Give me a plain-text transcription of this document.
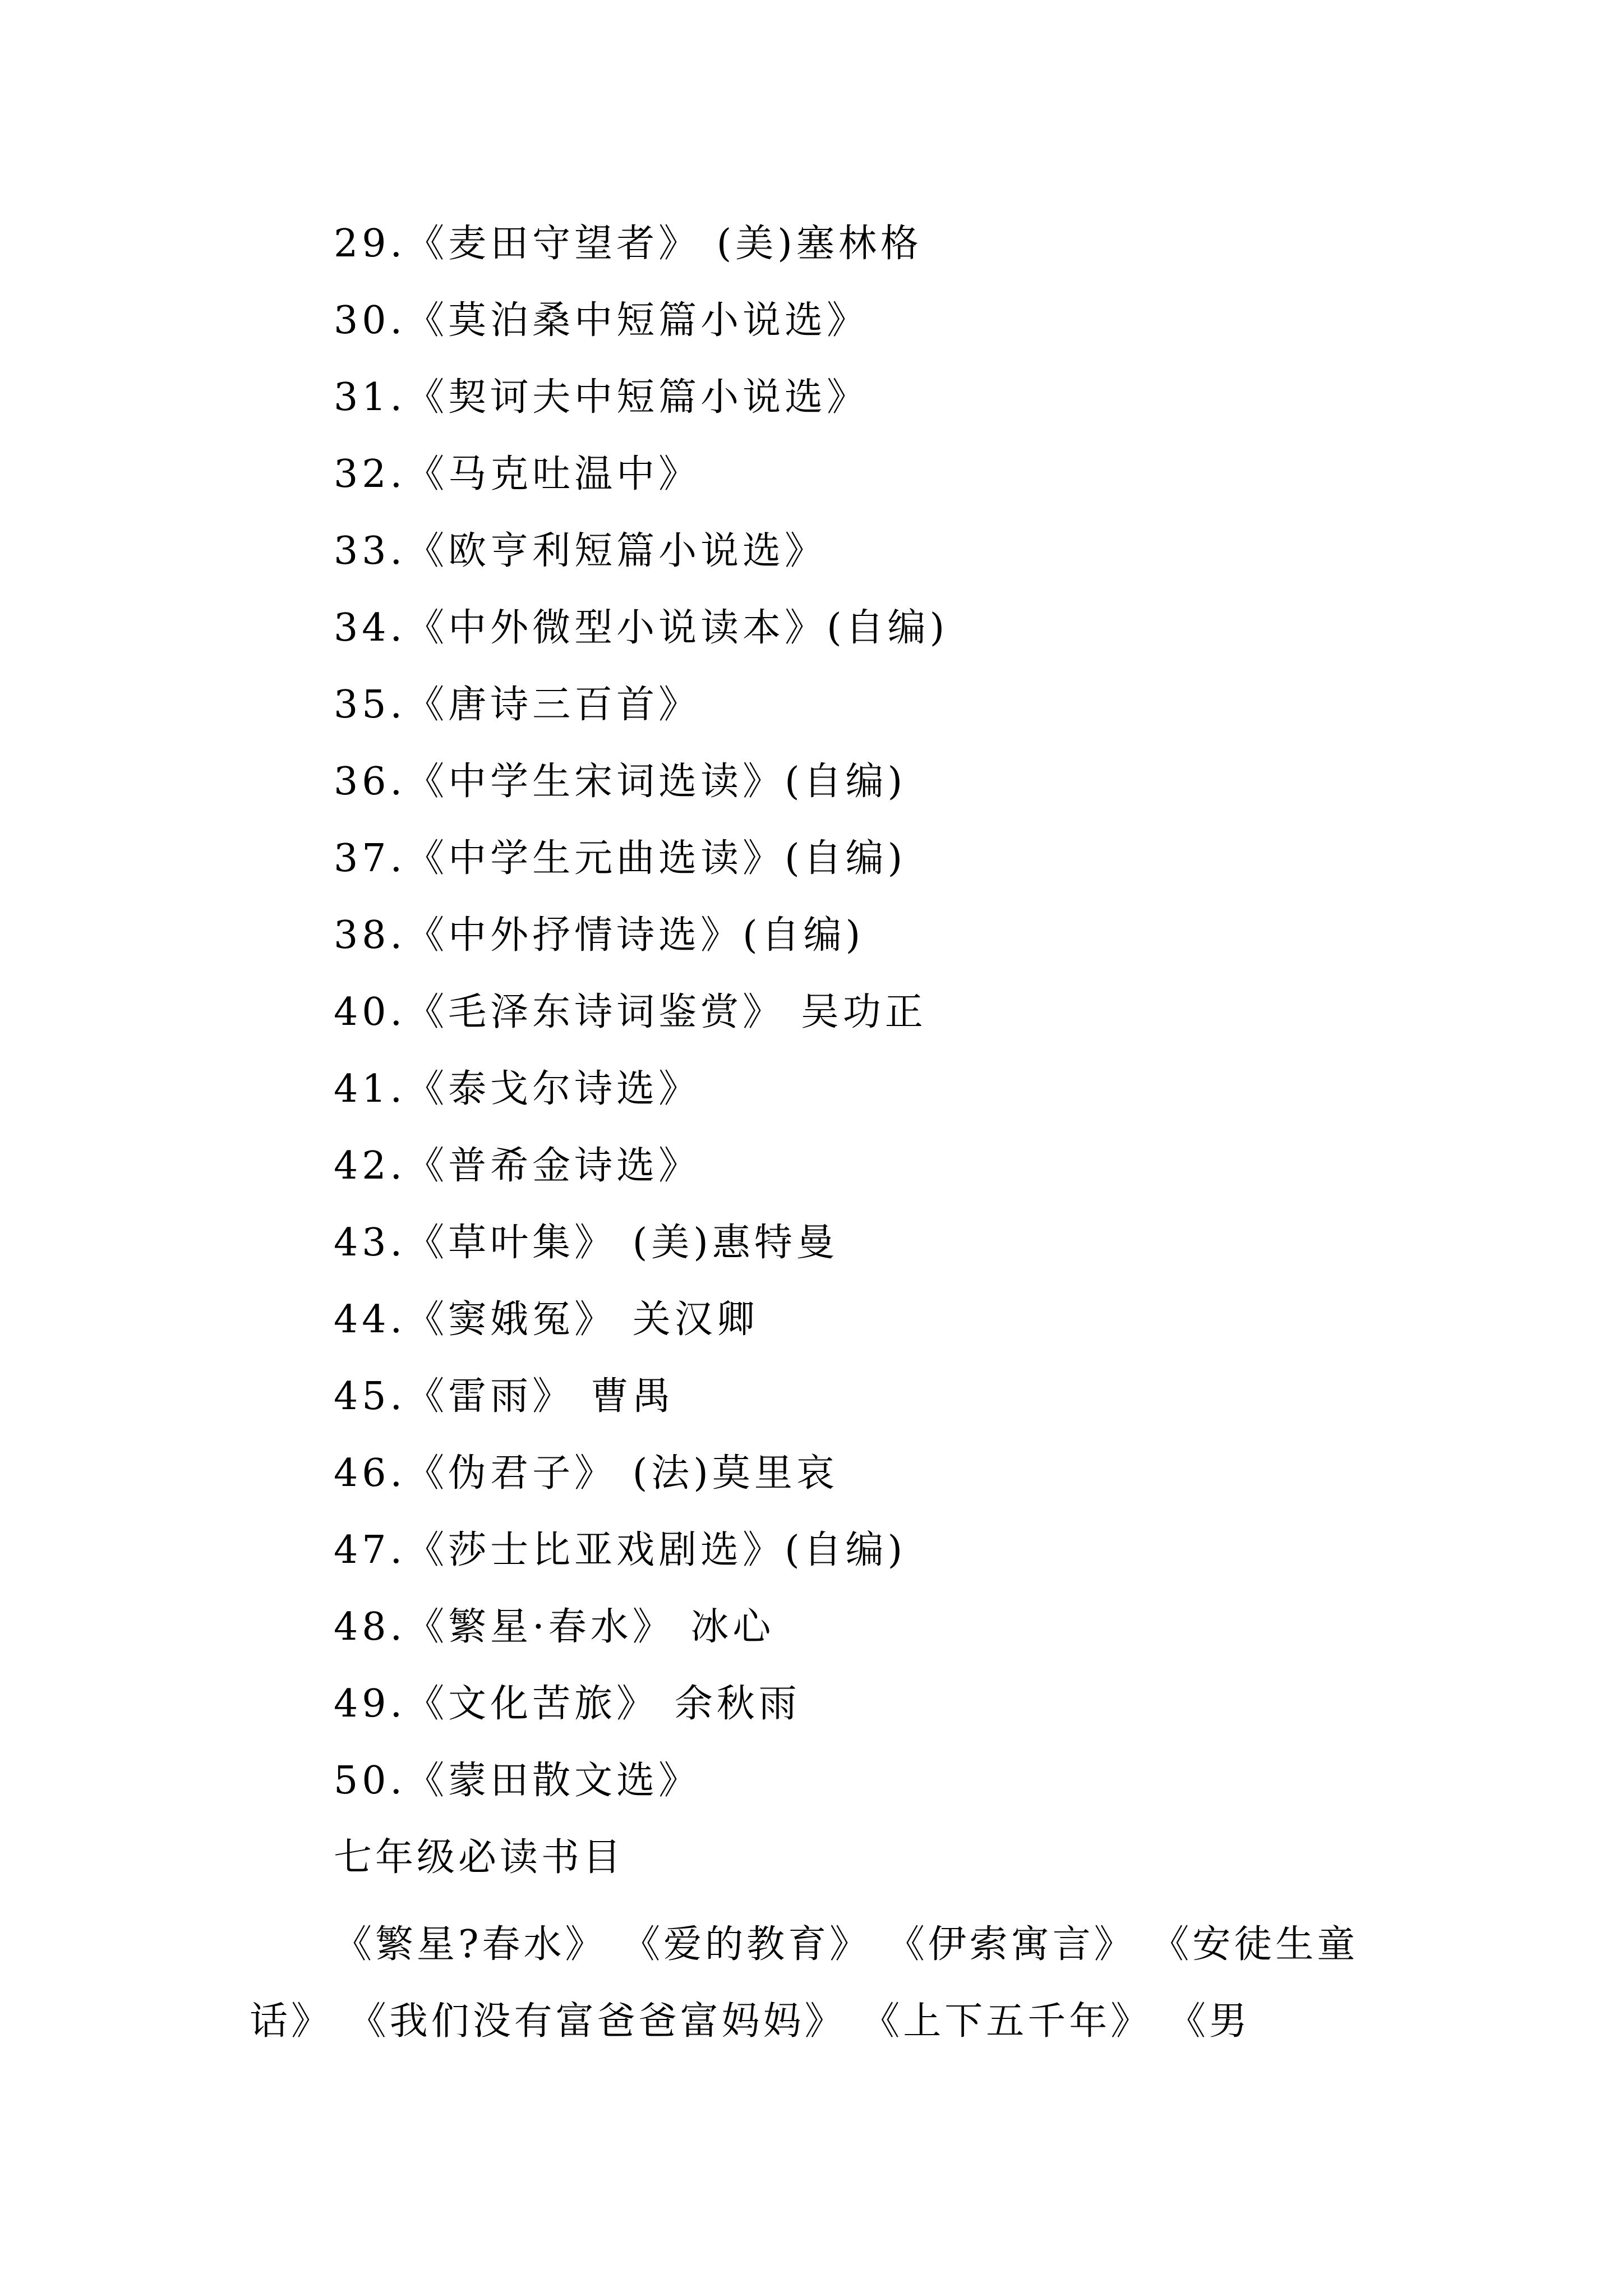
29.《麦田守望者》 (美)塞林格
30.《莫泊桑中短篇小说选》
31.《契诃夫中短篇小说选》
32.《马克吐温中》
33.《欧亨利短篇小说选》
34.《中外微型小说读本》(自编)
35.《唐诗三百首》
36.《中学生宋词选读》(自编)
37.《中学生元曲选读》(自编)
38.《中外抒情诗选》(自编)
40.《毛泽东诗词鉴赏》 吴功正
41.《泰戈尔诗选》
42.《普希金诗选》
43.《草叶集》 (美)惠特曼
44.《窦娥冤》 关汉卿
45.《雷雨》 曹禺
46.《伪君子》 (法)莫里哀
47.《莎士比亚戏剧选》(自编)
48.《繁星·春水》 冰心
49.《文化苦旅》 余秋雨
50.《蒙田散文选》
七年级必读书目

《繁星?春水》 《爱的教育》 《伊索寓言》 《安徒生童话》 《我们没有富爸爸富妈妈》 《上下五千年》 《男
